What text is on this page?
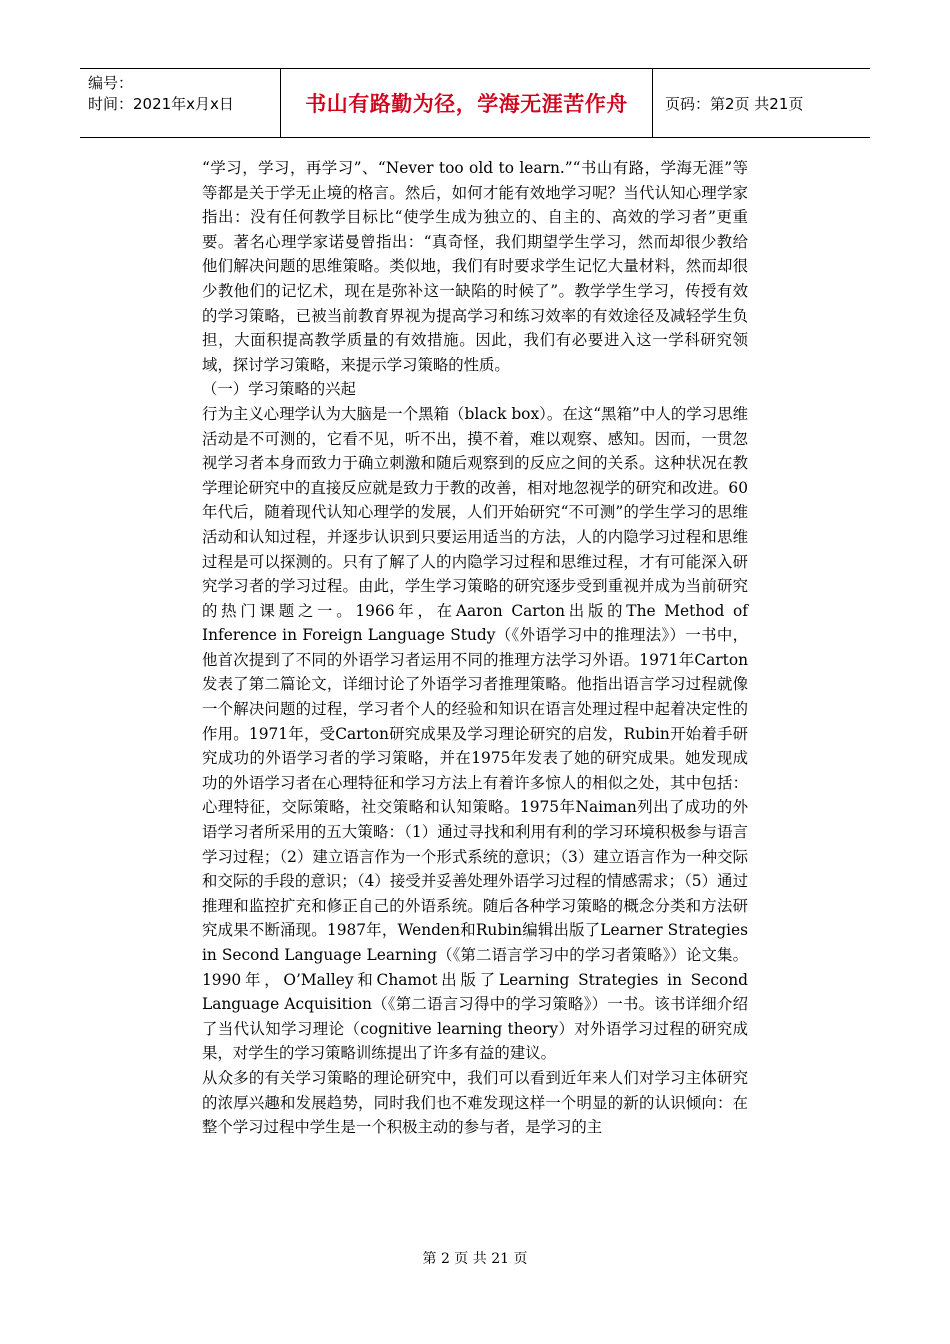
编号：
时间：2021年x月x日	书山有路勤为径，学海无涯苦作舟	页码：第2页 共21页

“学习，学习，再学习”、“Never too old to learn.”“书山有路，学海无涯”等等都是关于学无止境的格言。然后，如何才能有效地学习呢？当代认知心理学家指出：没有任何教学目标比“使学生成为独立的、自主的、高效的学习者”更重要。著名心理学家诺曼曾指出：“真奇怪，我们期望学生学习，然而却很少教给他们解决问题的思维策略。类似地，我们有时要求学生记忆大量材料，然而却很少教他们的记忆术，现在是弥补这一缺陷的时候了”。教学学生学习，传授有效的学习策略，已被当前教育界视为提高学习和练习效率的有效途径及减轻学生负担，大面积提高教学质量的有效措施。因此，我们有必要进入这一学科研究领域，探讨学习策略，来提示学习策略的性质。

（一）学习策略的兴起

行为主义心理学认为大脑是一个黑箱（black box）。在这“黑箱”中人的学习思维活动是不可测的，它看不见，听不出，摸不着，难以观察、感知。因而，一贯忽视学习者本身而致力于确立刺激和随后观察到的反应之间的关系。这种状况在教学理论研究中的直接反应就是致力于教的改善，相对地忽视学的研究和改进。60年代后，随着现代认知心理学的发展，人们开始研究“不可测”的学生学习的思维活动和认知过程，并逐步认识到只要运用适当的方法，人的内隐学习过程和思维过程是可以探测的。只有了解了人的内隐学习过程和思维过程，才有可能深入研究学习者的学习过程。由此，学生学习策略的研究逐步受到重视并成为当前研究的热门课题之一。1966年，在Aaron Carton出版的The Method of Inference in Foreign Language Study（《外语学习中的推理法》）一书中，他首次提到了不同的外语学习者运用不同的推理方法学习外语。1971年Carton发表了第二篇论文，详细讨论了外语学习者推理策略。他指出语言学习过程就像一个解决问题的过程，学习者个人的经验和知识在语言处理过程中起着决定性的作用。1971年，受Carton研究成果及学习理论研究的启发，Rubin开始着手研究成功的外语学习者的学习策略，并在1975年发表了她的研究成果。她发现成功的外语学习者在心理特征和学习方法上有着许多惊人的相似之处，其中包括：心理特征，交际策略，社交策略和认知策略。1975年Naiman列出了成功的外语学习者所采用的五大策略：（1）通过寻找和利用有利的学习环境积极参与语言学习过程；（2）建立语言作为一个形式系统的意识；（3）建立语言作为一种交际和交际的手段的意识；（4）接受并妥善处理外语学习过程的情感需求；（5）通过推理和监控扩充和修正自己的外语系统。随后各种学习策略的概念分类和方法研究成果不断涌现。1987年，Wenden和Rubin编辑出版了Learner Strategies in Second Language Learning（《第二语言学习中的学习者策略》）论文集。1990年，O’Malley和Chamot出版了Learning Strategies in Second Language Acquisition（《第二语言习得中的学习策略》）一书。该书详细介绍了当代认知学习理论（cognitive learning theory）对外语学习过程的研究成果，对学生的学习策略训练提出了许多有益的建议。

从众多的有关学习策略的理论研究中，我们可以看到近年来人们对学习主体研究的浓厚兴趣和发展趋势，同时我们也不难发现这样一个明显的新的认识倾向：在整个学习过程中学生是一个积极主动的参与者，是学习的主

第 2 页 共 21 页
